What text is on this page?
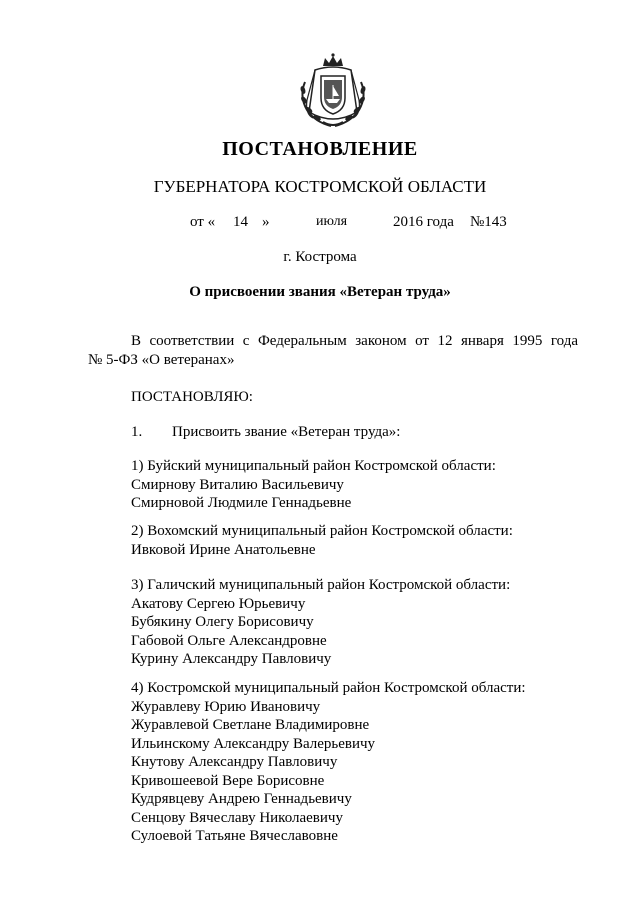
ПОСТАНОВЛЕНИЕ
ГУБЕРНАТОРА КОСТРОМСКОЙ ОБЛАСТИ
от « 14 »	июля	2016 года №143
г. Кострома
О присвоении звания «Ветеран труда»
В соответствии с Федеральным законом от 12 января 1995 года
№ 5-ФЗ «О ветеранах»
ПОСТАНОВЛЯЮ:
1. Присвоить звание «Ветеран труда»:
1) Буйский муниципальный район Костромской области:
Смирнову Виталию Васильевичу
Смирновой Людмиле Геннадьевне
2) Вохомский муниципальный район Костромской области:
Ивковой Ирине Анатольевне
3) Галичский муниципальный район Костромской области:
Акатову Сергею Юрьевичу
Бубякину Олегу Борисовичу
Габовой Ольге Александровне
Курину Александру Павловичу
4) Костромской муниципальный район Костромской области:
Журавлеву Юрию Ивановичу
Журавлевой Светлане Владимировне
Ильинскому Александру Валерьевичу
Кнутову Александру Павловичу
Кривошеевой Вере Борисовне
Кудрявцеву Андрею Геннадьевичу
Сенцову Вячеславу Николаевичу
Сулоевой Татьяне Вячеславовне
